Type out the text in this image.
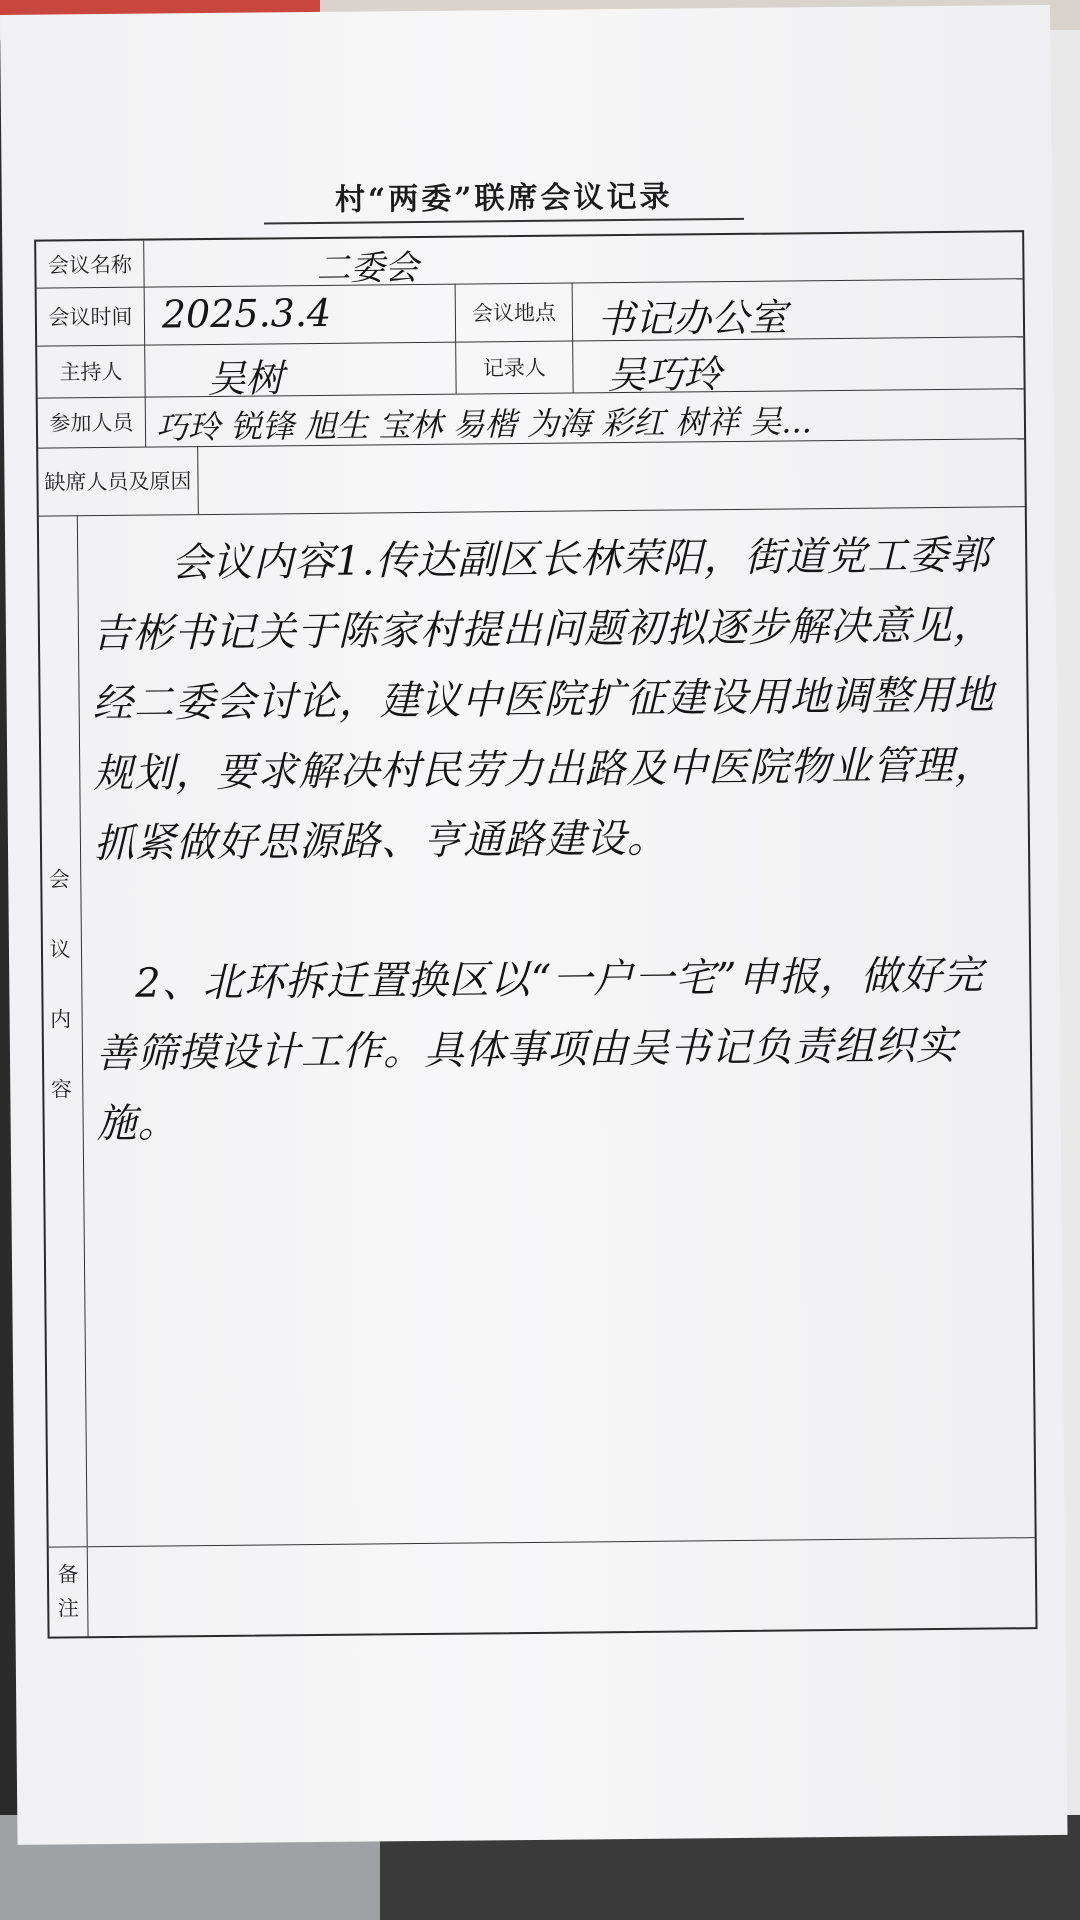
村“两委”联席会议记录
会议名称	二委会
会议时间 2025.3.4	会议地点	书记办公室
主持人	吴树	记录人	吴巧玲
参加人员 巧玲 锐锋 旭生 宝林 易楷 为海 彩红 树祥 吴...
缺席人员及原因
会
议
内
容
会议内容1.传达副区长林荣阳，街道党工委郭吉彬书记关于陈家村提出问题初拟逐步解决意见，经二委会讨论，建议中医院扩征建设用地调整用地规划，要求解决村民劳力出路及中医院物业管理，抓紧做好思源路、亨通路建设。
2、北环拆迁置换区以“一户一宅”申报，做好完善筛摸设计工作。具体事项由吴书记负责组织实施。
备
注
